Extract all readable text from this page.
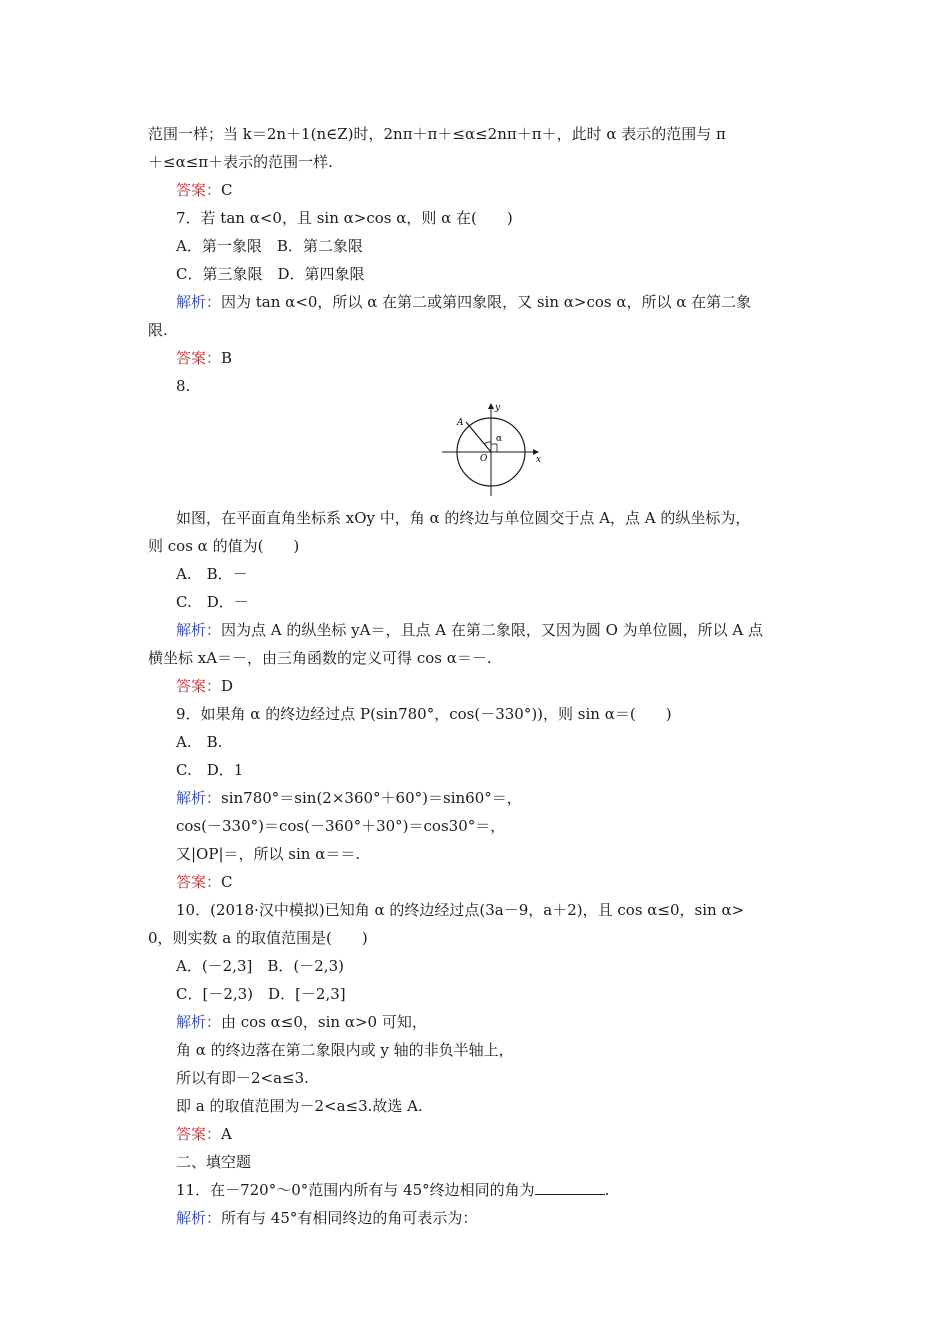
范围一样；当 k＝2n＋1(n∈Z)时，2nπ＋π＋≤α≤2nπ＋π＋，此时 α 表示的范围与 π
＋≤α≤π＋表示的范围一样.
答案：C
7．若 tan α<0，且 sin α>cos α，则 α 在(　　)
A．第一象限　B．第二象限
C．第三象限　D．第四象限
解析：因为 tan α<0，所以 α 在第二或第四象限，又 sin α>cos α，所以 α 在第二象
限.
答案：B
8.
y
x
O
A
α
如图，在平面直角坐标系 xOy 中，角 α 的终边与单位圆交于点 A，点 A 的纵坐标为，
则 cos α 的值为(　　)
A.　B．－
C.　D．－
解析：因为点 A 的纵坐标 yA＝，且点 A 在第二象限，又因为圆 O 为单位圆，所以 A 点
横坐标 xA＝－，由三角函数的定义可得 cos α＝－.
答案：D
9．如果角 α 的终边经过点 P(sin780°，cos(－330°))，则 sin α＝(　　)
A.　B.
C.　D．1
解析：sin780°＝sin(2×360°＋60°)＝sin60°＝，
cos(－330°)＝cos(－360°＋30°)＝cos30°＝，
又|OP|＝，所以 sin α＝＝.
答案：C
10．(2018·汉中模拟)已知角 α 的终边经过点(3a－9，a＋2)，且 cos α≤0，sin α>
0，则实数 a 的取值范围是(　　)
A．(－2,3]　B．(－2,3)
C．[－2,3)　D．[－2,3]
解析：由 cos α≤0，sin α>0 可知，
角 α 的终边落在第二象限内或 y 轴的非负半轴上，
所以有即－2<a≤3.
即 a 的取值范围为－2<a≤3.故选 A.
答案：A
二、填空题
11．在－720°～0°范围内所有与 45°终边相同的角为	.
解析：所有与 45°有相同终边的角可表示为：
